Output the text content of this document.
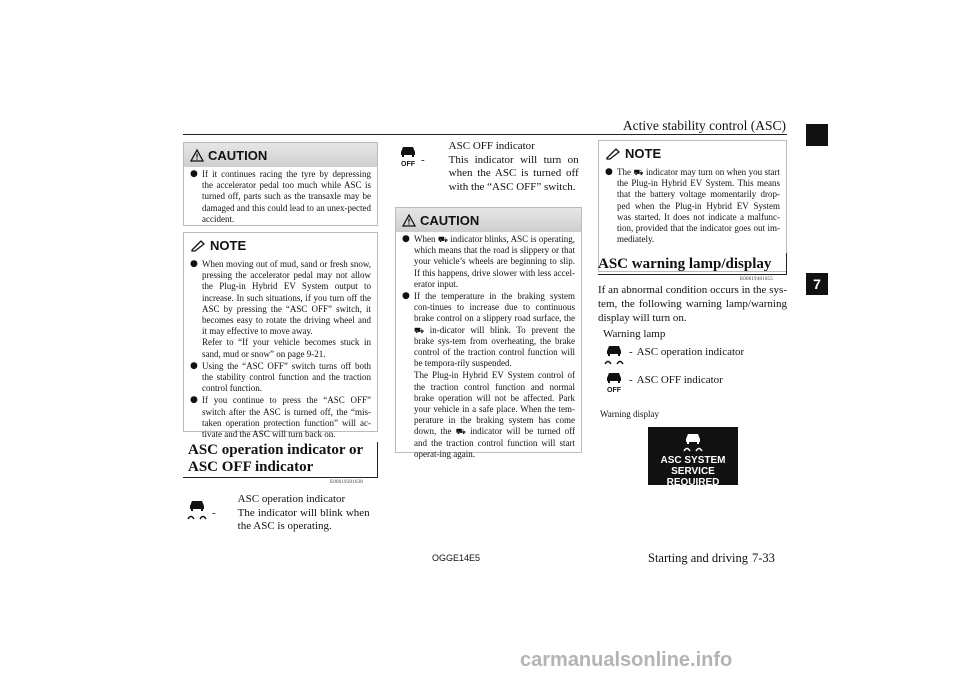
Active stability control (ASC)
7
CAUTION
● If it continues racing the tyre by depressing the accelerator pedal too much while ASC is turned off, parts such as the transaxle may be damaged and this could lead to an unex-pected accident.
NOTE
● When moving out of mud, sand or fresh snow, pressing the accelerator pedal may not allow the Plug-in Hybrid EV System output to increase. In such situations, if you turn off the ASC by pressing the “ASC OFF” switch, it becomes easy to rotate the driving wheel and it may effective to move away.
Refer to “If your vehicle becomes stuck in sand, mud or snow” on page 9-21.
● Using the “ASC OFF” switch turns off both the stability control function and the traction control function.
● If you continue to press the “ASC OFF” switch after the ASC is turned off, the “mis-taken operation protection function” will ac-tivate and the ASC will turn back on.
ASC operation indicator or
ASC OFF indicator
E00619301638
-
ASC operation indicator
The indicator will blink when the ASC is operating.
OFF -
ASC OFF indicator
This indicator will turn on when the ASC is turned off with the “ASC OFF” switch.
CAUTION
● When ⛟ indicator blinks, ASC is operating, which means that the road is slippery or that your vehicle’s wheels are beginning to slip. If this happens, drive slower with less accel-erator input.
● If the temperature in the braking system con-tinues to increase due to continuous brake control on a slippery road surface, the ⛟ in-dicator will blink. To prevent the brake sys-tem from overheating, the brake control of the traction control function will be tempora-rily suspended.
The Plug-in Hybrid EV System control of the traction control function and normal brake operation will not be affected. Park your vehicle in a safe place. When the tem-perature in the braking system has come down, the ⛟ indicator will be turned off and the traction control function will start operat-ing again.
NOTE
● The ⛟ indicator may turn on when you start the Plug-in Hybrid EV System. This means that the battery voltage momentarily drop-ped when the Plug-in Hybrid EV System was started. It does not indicate a malfunc-tion, provided that the indicator goes out im-mediately.
ASC warning lamp/display
E00619401655
If an abnormal condition occurs in the sys-tem, the following warning lamp/warning display will turn on.
Warning lamp
- ASC operation indicator
OFF
- ASC OFF indicator
Warning display
ASC SYSTEM
SERVICE REQUIRED
OGGE14E5	Starting and driving 7-33
carmanualsonline.info
